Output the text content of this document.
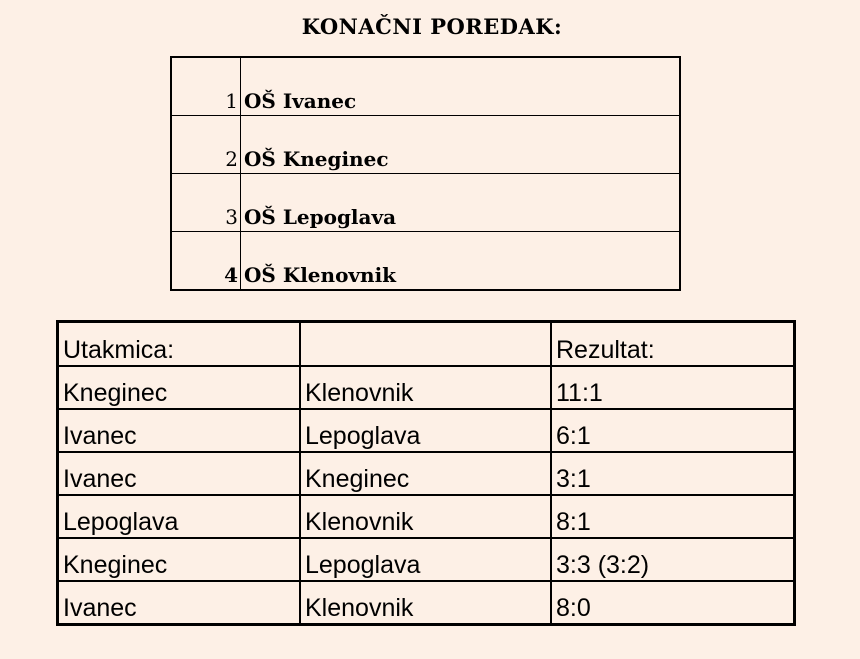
KONAČNI POREDAK:
1	OŠ Ivanec
2	OŠ Kneginec
3	OŠ Lepoglava
4	OŠ Klenovnik
Utakmica:		Rezultat:
Kneginec	Klenovnik	11:1
Ivanec	Lepoglava	6:1
Ivanec	Kneginec	3:1
Lepoglava	Klenovnik	8:1
Kneginec	Lepoglava	3:3 (3:2)
Ivanec	Klenovnik	8:0
